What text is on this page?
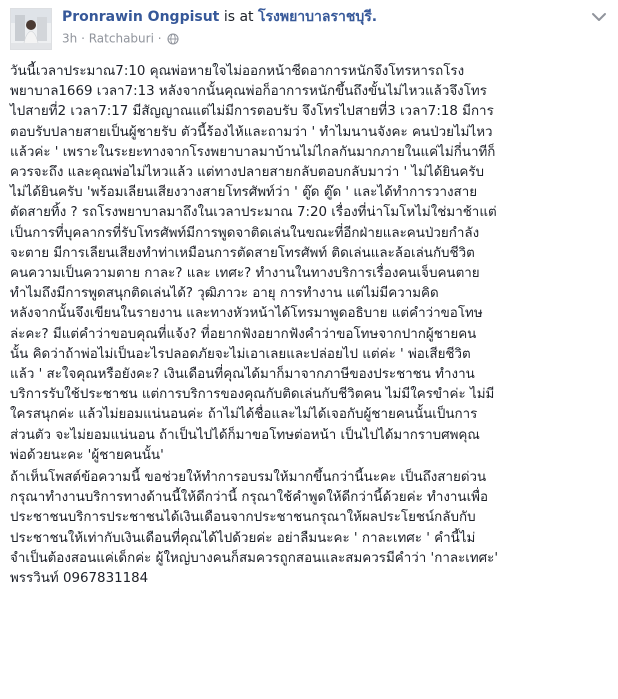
Pronrawin Ongpisut is at โรงพยาบาลราชบุรี.
3h · Ratchaburi ·

วันนี้เวลาประมาณ7:10 คุณพ่อหายใจไม่ออกหน้าซีดอาการหนักจึงโทรหารถโรง
พยาบาล1669 เวลา7:13 หลังจากนั้นคุณพ่อก็อาการหนักขึ้นถึงขั้นไม่ไหวแล้วจึงโทร
ไปสายที่2 เวลา7:17 มีสัญญาณแต่ไม่มีการตอบรับ จึงโทรไปสายที่3 เวลา7:18 มีการ
ตอบรับปลายสายเป็นผู้ชายรับ ตัวนี้ร้องไห้และถามว่า ' ทำไมนานจังคะ คนป่วยไม่ไหว
แล้วค่ะ ' เพราะในระยะทางจากโรงพยาบาลมาบ้านไม่ไกลกันมากภายในแค่ไม่กี่นาทีก็
ควรจะถึง และคุณพ่อไม่ไหวแล้ว แต่ทางปลายสายกลับตอบกลับมาว่า ' ไม่ได้ยินครับ
ไม่ได้ยินครับ 'พร้อมเลียนเสียงวางสายโทรศัพท์ว่า ' ตู๊ด ตู๊ด ' และได้ทำการวางสาย
ตัดสายทิ้ง ? รถโรงพยาบาลมาถึงในเวลาประมาณ 7:20 เรื่องที่น่าโมโหไม่ใช่มาช้าแต่
เป็นการที่บุคลากรที่รับโทรศัพท์มีการพูดจาติดเล่นในขณะที่อีกฝ่ายและคนป่วยกำลัง
จะตาย มีการเลียนเสียงทำท่าเหมือนการตัดสายโทรศัพท์ ติดเล่นและล้อเล่นกับชีวิต
คนความเป็นความตาย กาละ? และ เทศะ? ทำงานในทางบริการเรื่องคนเจ็บคนตาย
ทำไมถึงมีการพูดสนุกติดเล่นได้? วุฒิภาวะ อายุ การทำงาน แต่ไม่มีความคิด
หลังจากนั้นจึงเขียนในรายงาน และทางหัวหน้าได้โทรมาพูดอธิบาย แต่คำว่าขอโทษ
ล่ะคะ? มีแต่คำว่าขอบคุณที่แจ้ง? ที่อยากฟังอยากฟังคำว่าขอโทษจากปากผู้ชายคน
นั้น คิดว่าถ้าพ่อไม่เป็นอะไรปลอดภัยจะไม่เอาเลยและปล่อยไป แต่ค่ะ ' พ่อเสียชีวิต
แล้ว ' สะใจคุณหรือยังคะ? เงินเดือนที่คุณได้มาก็มาจากภาษีของประชาชน ทำงาน
บริการรับใช้ประชาชน แต่การบริการของคุณกับติดเล่นกับชีวิตคน ไม่มีใครขำค่ะ ไม่มี
ใครสนุกค่ะ แล้วไม่ยอมแน่นอนค่ะ ถ้าไม่ได้ชื่อและไม่ได้เจอกับผู้ชายคนนั้นเป็นการ
ส่วนตัว จะไม่ยอมแน่นอน ถ้าเป็นไปได้ก็มาขอโทษต่อหน้า เป็นไปได้มากราบศพคุณ
พ่อด้วยนะคะ 'ผู้ชายคนนั้น'

ถ้าเห็นโพสต์ข้อความนี้ ขอช่วยให้ทำการอบรมให้มากขึ้นกว่านี้นะคะ เป็นถึงสายด่วน
กรุณาทำงานบริการทางด้านนี้ให้ดีกว่านี้ กรุณาใช้คำพูดให้ดีกว่านี้ด้วยค่ะ ทำงานเพื่อ
ประชาชนบริการประชาชนได้เงินเดือนจากประชาชนกรุณาให้ผลประโยชน์กลับกับ
ประชาชนให้เท่ากับเงินเดือนที่คุณได้ไปด้วยค่ะ อย่าลืมนะคะ ' กาละเทศะ ' คำนี้ไม่
จำเป็นต้องสอนแค่เด็กค่ะ ผู้ใหญ่บางคนก็สมควรถูกสอนและสมควรมีคำว่า 'กาละเทศะ'
พรรวินท์ 0967831184
